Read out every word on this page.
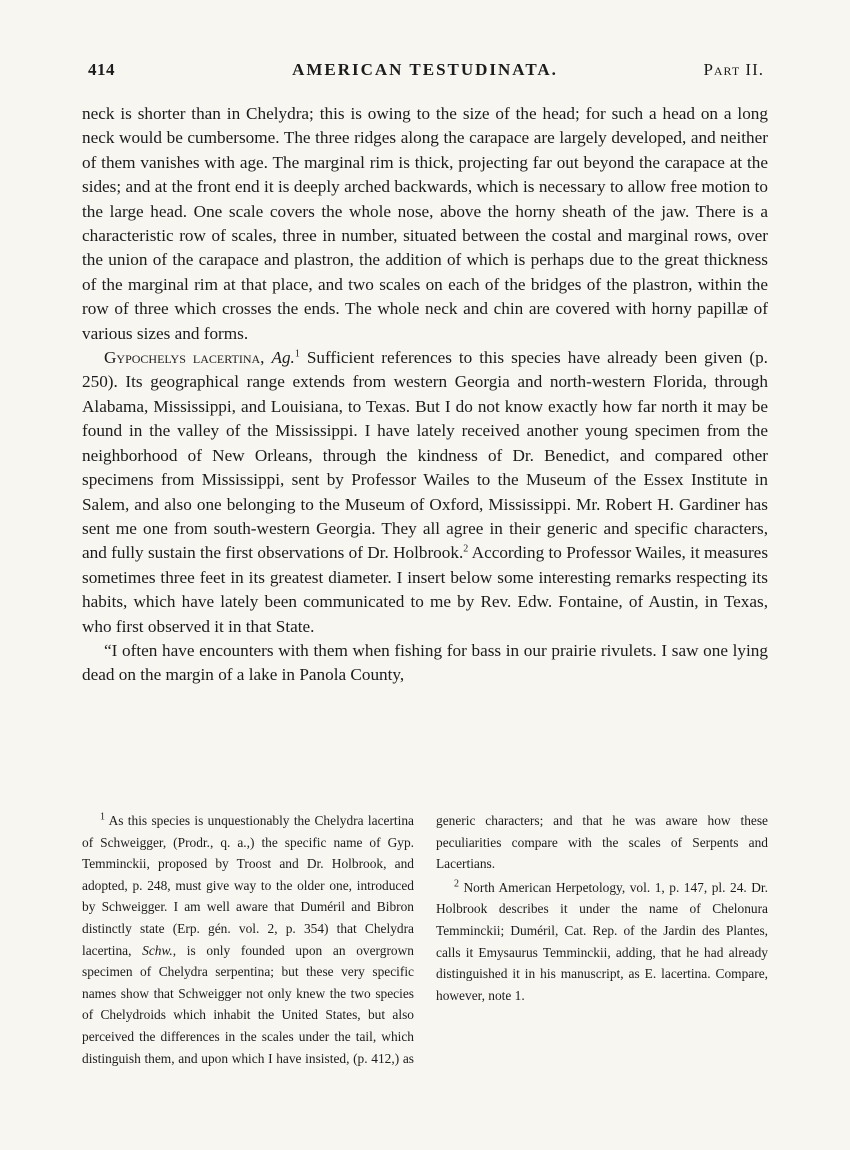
414	AMERICAN TESTUDINATA.	Part II.

neck is shorter than in Chelydra; this is owing to the size of the head; for such a head on a long neck would be cumbersome. The three ridges along the carapace are largely developed, and neither of them vanishes with age. The marginal rim is thick, projecting far out beyond the carapace at the sides; and at the front end it is deeply arched backwards, which is necessary to allow free motion to the large head. One scale covers the whole nose, above the horny sheath of the jaw. There is a characteristic row of scales, three in number, situated between the costal and marginal rows, over the union of the carapace and plastron, the addition of which is perhaps due to the great thickness of the marginal rim at that place, and two scales on each of the bridges of the plastron, within the row of three which crosses the ends. The whole neck and chin are covered with horny papillæ of various sizes and forms.

Gypochelys lacertina, Ag.$^1$ Sufficient references to this species have already been given (p. 250). Its geographical range extends from western Georgia and north-western Florida, through Alabama, Mississippi, and Louisiana, to Texas. But I do not know exactly how far north it may be found in the valley of the Mississippi. I have lately received another young specimen from the neighborhood of New Orleans, through the kindness of Dr. Benedict, and compared other specimens from Mississippi, sent by Professor Wailes to the Museum of the Essex Institute in Salem, and also one belonging to the Museum of Oxford, Mississippi. Mr. Robert H. Gardiner has sent me one from south-western Georgia. They all agree in their generic and specific characters, and fully sustain the first observations of Dr. Holbrook.$^2$ According to Professor Wailes, it measures sometimes three feet in its greatest diameter. I insert below some interesting remarks respecting its habits, which have lately been communicated to me by Rev. Edw. Fontaine, of Austin, in Texas, who first observed it in that State.

“I often have encounters with them when fishing for bass in our prairie rivulets. I saw one lying dead on the margin of a lake in Panola County,

$^1$ As this species is unquestionably the Chelydra lacertina of Schweigger, (Prodr., q. a.,) the specific name of Gyp. Temminckii, proposed by Troost and Dr. Holbrook, and adopted, p. 248, must give way to the older one, introduced by Schweigger. I am well aware that Duméril and Bibron distinctly state (Erp. gén. vol. 2, p. 354) that Chelydra lacertina, Schw., is only founded upon an overgrown specimen of Chelydra serpentina; but these very specific names show that Schweigger not only knew the two species of Chelydroids which inhabit the United States, but also perceived the differences in the scales under the tail, which distinguish them, and upon which I have insisted, (p. 412,) as

generic characters; and that he was aware how these peculiarities compare with the scales of Serpents and Lacertians.

$^2$ North American Herpetology, vol. 1, p. 147, pl. 24. Dr. Holbrook describes it under the name of Chelonura Temminckii; Duméril, Cat. Rep. of the Jardin des Plantes, calls it Emysaurus Temminckii, adding, that he had already distinguished it in his manuscript, as E. lacertina. Compare, however, note 1.
